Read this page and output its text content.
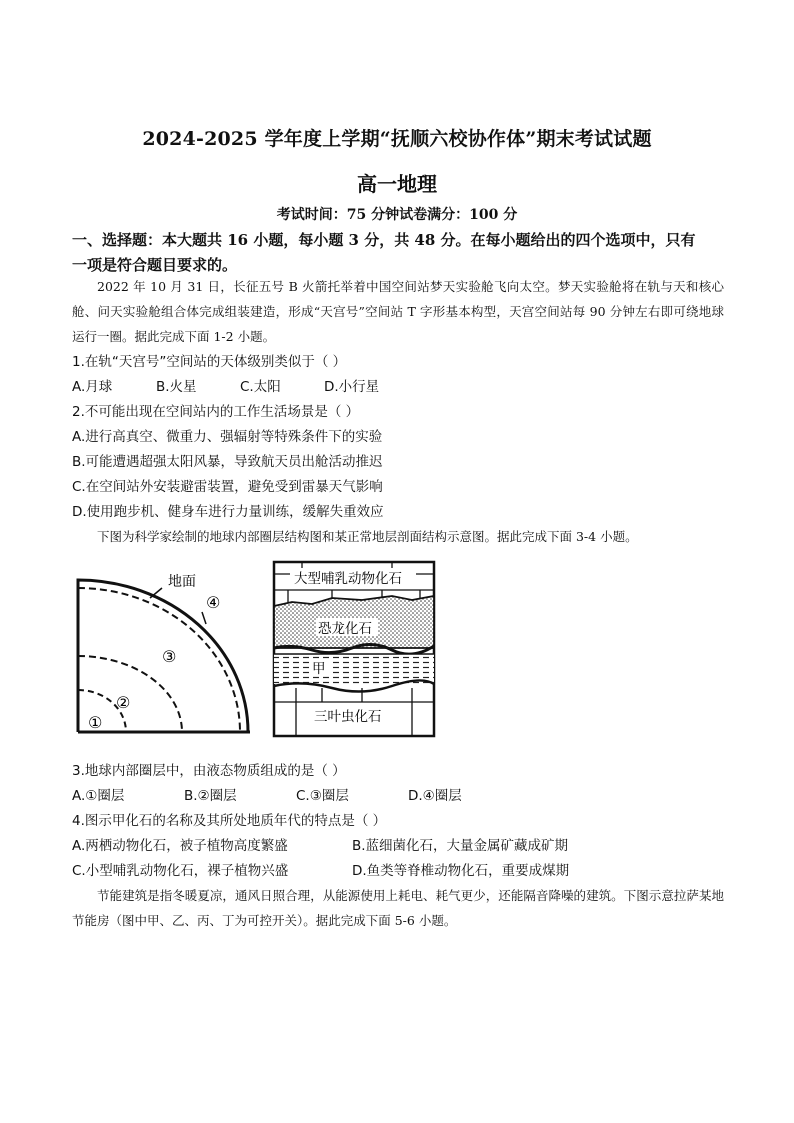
2024-2025 学年度上学期“抚顺六校协作体”期末考试试题
高一地理
考试时间：75 分钟试卷满分：100 分
一、选择题：本大题共 16 小题，每小题 3 分，共 48 分。在每小题给出的四个选项中，只有
一项是符合题目要求的。
2022 年 10 月 31 日，长征五号 B 火箭托举着中国空间站梦天实验舱飞向太空。梦天实验舱将在轨与天和核心舱、问天实验舱组合体完成组装建造，形成“天宫号”空间站 T 字形基本构型，天宫空间站每 90 分钟左右即可绕地球运行一圈。据此完成下面 1-2 小题。
1.在轨“天宫号”空间站的天体级别类似于（ ）
A.月球	B.火星	C.太阳	D.小行星
2.不可能出现在空间站内的工作生活场景是（ ）
A.进行高真空、微重力、强辐射等特殊条件下的实验
B.可能遭遇超强太阳风暴，导致航天员出舱活动推迟
C.在空间站外安装避雷装置，避免受到雷暴天气影响
D.使用跑步机、健身车进行力量训练，缓解失重效应
下图为科学家绘制的地球内部圈层结构图和某正常地层剖面结构示意图。据此完成下面 3-4 小题。
地面
④
③
②
①
大型哺乳动物化石
恐龙化石
甲
三叶虫化石
3.地球内部圈层中，由液态物质组成的是（ ）
A.①圈层	B.②圈层	C.③圈层	D.④圈层
4.图示甲化石的名称及其所处地质年代的特点是（ ）
A.两栖动物化石，被子植物高度繁盛	B.蓝细菌化石，大量金属矿藏成矿期
C.小型哺乳动物化石，裸子植物兴盛	D.鱼类等脊椎动物化石，重要成煤期
节能建筑是指冬暖夏凉，通风日照合理，从能源使用上耗电、耗气更少，还能隔音降噪的建筑。下图示意拉萨某地节能房（图中甲、乙、丙、丁为可控开关）。据此完成下面 5-6 小题。
